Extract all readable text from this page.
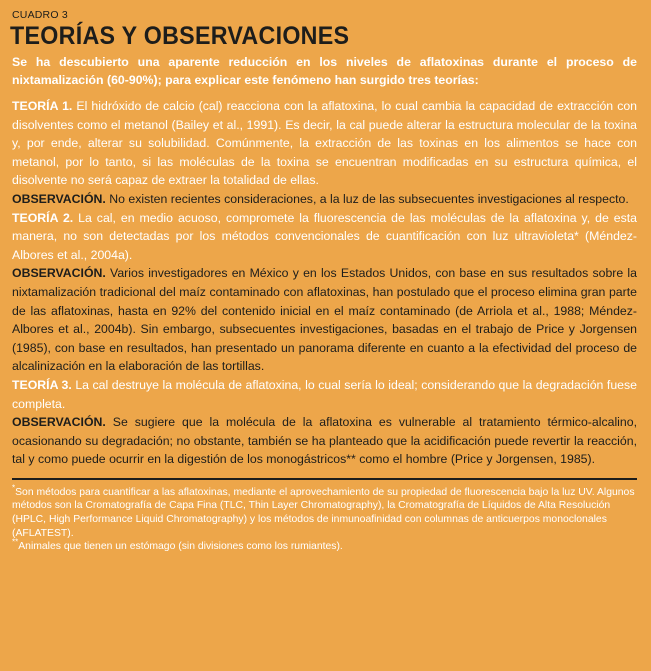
CUADRO 3
TEORÍAS Y OBSERVACIONES
Se ha descubierto una aparente reducción en los niveles de aflatoxinas durante el proceso de nixtamalización (60-90%); para explicar este fenómeno han surgido tres teorías:
TEORÍA 1. El hidróxido de calcio (cal) reacciona con la aflatoxina, lo cual cambia la capacidad de extracción con disolventes como el metanol (Bailey et al., 1991). Es decir, la cal puede alterar la estructura molecular de la toxina y, por ende, alterar su solubilidad. Comúnmente, la extracción de las toxinas en los alimentos se hace con metanol, por lo tanto, si las moléculas de la toxina se encuentran modificadas en su estructura química, el disolvente no será capaz de extraer la totalidad de ellas.
OBSERVACIÓN. No existen recientes consideraciones, a la luz de las subsecuentes investigaciones al respecto.
TEORÍA 2. La cal, en medio acuoso, compromete la fluorescencia de las moléculas de la aflatoxina y, de esta manera, no son detectadas por los métodos convencionales de cuantificación con luz ultravioleta* (Méndez-Albores et al., 2004a).
OBSERVACIÓN. Varios investigadores en México y en los Estados Unidos, con base en sus resultados sobre la nixtamalización tradicional del maíz contaminado con aflatoxinas, han postulado que el proceso elimina gran parte de las aflatoxinas, hasta en 92% del contenido inicial en el maíz contaminado (de Arriola et al., 1988; Méndez-Albores et al., 2004b). Sin embargo, subsecuentes investigaciones, basadas en el trabajo de Price y Jorgensen (1985), con base en resultados, han presentado un panorama diferente en cuanto a la efectividad del proceso de alcalinización en la elaboración de las tortillas.
TEORÍA 3. La cal destruye la molécula de aflatoxina, lo cual sería lo ideal; considerando que la degradación fuese completa.
OBSERVACIÓN. Se sugiere que la molécula de la aflatoxina es vulnerable al tratamiento térmico-alcalino, ocasionando su degradación; no obstante, también se ha planteado que la acidificación puede revertir la reacción, tal y como puede ocurrir en la digestión de los monogástricos** como el hombre (Price y Jorgensen, 1985).

*Son métodos para cuantificar a las aflatoxinas, mediante el aprovechamiento de su propiedad de fluorescencia bajo la luz UV. Algunos métodos son la Cromatografía de Capa Fina (TLC, Thin Layer Chromatography), la Cromatografía de Líquidos de Alta Resolución (HPLC, High Performance Liquid Chromatography) y los métodos de inmunoafinidad con columnas de anticuerpos monoclonales (AFLATEST).

**Animales que tienen un estómago (sin divisiones como los rumiantes).
